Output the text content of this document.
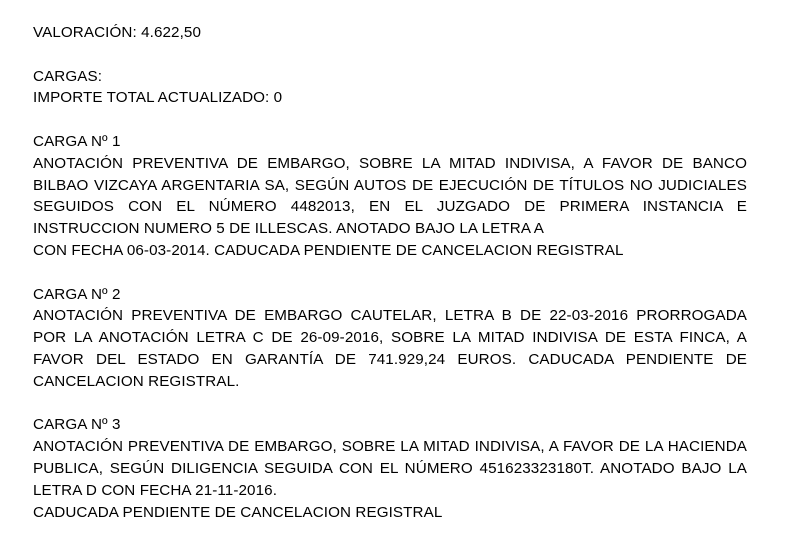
VALORACIÓN: 4.622,50
CARGAS:
IMPORTE TOTAL ACTUALIZADO: 0
CARGA Nº 1
ANOTACIÓN PREVENTIVA DE EMBARGO, SOBRE LA MITAD INDIVISA, A FAVOR DE BANCO BILBAO VIZCAYA ARGENTARIA SA, SEGÚN AUTOS DE EJECUCIÓN DE TÍTULOS NO JUDICIALES SEGUIDOS CON EL NÚMERO 4482013, EN EL JUZGADO DE PRIMERA INSTANCIA E INSTRUCCION NUMERO 5 DE ILLESCAS. ANOTADO BAJO LA LETRA A
CON FECHA 06-03-2014. CADUCADA PENDIENTE DE CANCELACION REGISTRAL
CARGA Nº 2
ANOTACIÓN PREVENTIVA DE EMBARGO CAUTELAR, LETRA B DE 22-03-2016 PRORROGADA POR LA ANOTACIÓN LETRA C DE 26-09-2016, SOBRE LA MITAD INDIVISA DE ESTA FINCA, A FAVOR DEL ESTADO EN GARANTÍA DE 741.929,24 EUROS. CADUCADA PENDIENTE DE CANCELACION REGISTRAL.
CARGA Nº 3
ANOTACIÓN PREVENTIVA DE EMBARGO, SOBRE LA MITAD INDIVISA, A FAVOR DE LA HACIENDA PUBLICA, SEGÚN DILIGENCIA SEGUIDA CON EL NÚMERO 451623323180T. ANOTADO BAJO LA LETRA D CON FECHA 21-11-2016.
CADUCADA PENDIENTE DE CANCELACION REGISTRAL
